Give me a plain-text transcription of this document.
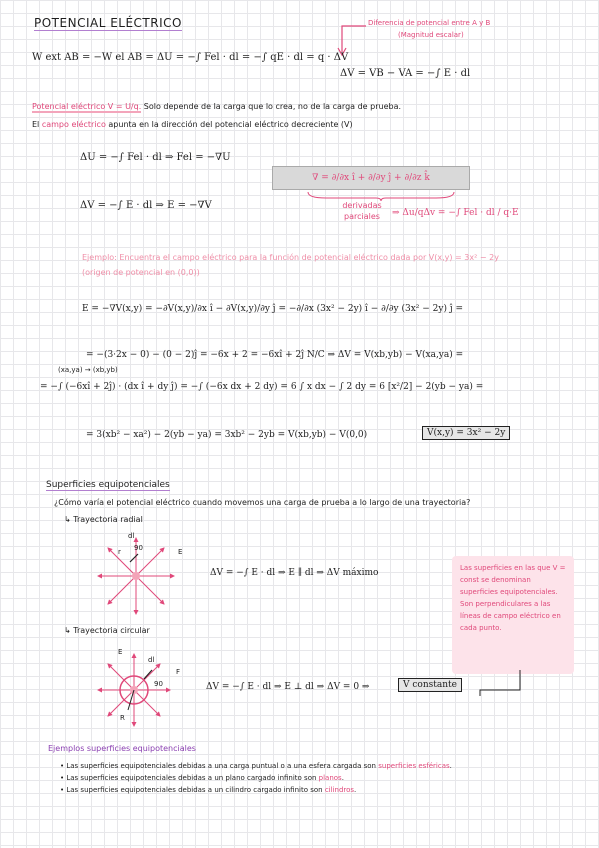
POTENCIAL ELÉCTRICO	Diferencia de potencial entre A y B
(Magnitud escalar)
W ext AB = −W el AB = ΔU = −∫ Fel · dl = −∫ qE · dl = q · ΔV
ΔV = VB − VA = −∫ E · dl
Potencial eléctrico V = U/q. Solo depende de la carga que lo crea, no de la carga de prueba.
El campo eléctrico apunta en la dirección del potencial eléctrico decreciente (V)
ΔU = −∫ Fel · dl ⇒ Fel = −∇U
ΔV = −∫ E · dl ⇒ E = −∇V
∇ = ∂/∂x î + ∂/∂y ĵ + ∂/∂z k̂
derivadas parciales	⇒ Δu/qΔv = −∫ Fel · dl / q·E
Ejemplo: Encuentra el campo eléctrico para la función de potencial eléctrico dada por V(x,y) = 3x² − 2y
(origen de potencial en (0,0))
E = −∇V(x,y) = −∂V(x,y)/∂x î − ∂V(x,y)/∂y ĵ = −∂/∂x (3x² − 2y) î − ∂/∂y (3x² − 2y) ĵ =
= −(3·2x − 0) − (0 − 2)ĵ = −6x + 2 = −6xî + 2ĵ N/C ⇒ ΔV = V(xb,yb) − V(xa,ya) =
(xa,ya) → (xb,yb)
= −∫ (−6xî + 2ĵ) · (dx î + dy ĵ) = −∫ (−6x dx + 2 dy) = 6 ∫ x dx − ∫ 2 dy = 6 [x²/2] − 2(yb − ya) =
= 3(xb² − xa²) − 2(yb − ya) = 3xb² − 2yb = V(xb,yb) − V(0,0)	V(x,y) = 3x² − 2y
Superficies equipotenciales
¿Cómo varía el potencial eléctrico cuando movemos una carga de prueba a lo largo de una trayectoria?
↳ Trayectoria radial
E
dl
90
r
ΔV = −∫ E · dl ⇒ E ∥ dl ⇒ ΔV máximo	Las superficies en las que V = const se denominan superficies equipotenciales. Son perpendiculares a las líneas de campo eléctrico en cada punto.
↳ Trayectoria circular
E
dl
F
90
R
ΔV = −∫ E · dl ⇒ E ⊥ dl ⇒ ΔV = 0 ⇒	V constante
Ejemplos superficies equipotenciales
• Las superficies equipotenciales debidas a una carga puntual o a una esfera cargada son superficies esféricas.
• Las superficies equipotenciales debidas a un plano cargado infinito son planos.
• Las superficies equipotenciales debidas a un cilindro cargado infinito son cilindros.
